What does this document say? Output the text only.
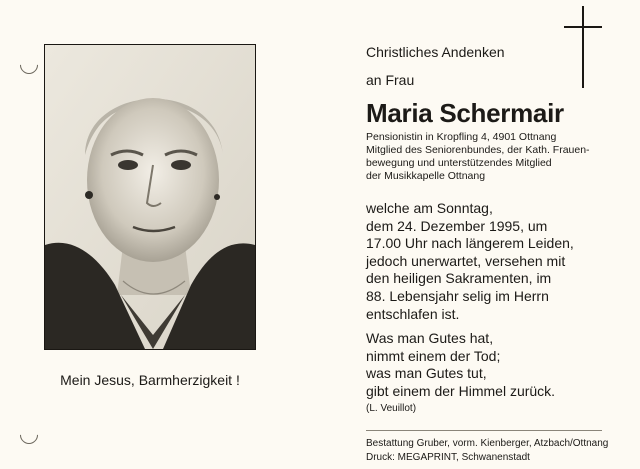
Mein Jesus, Barmherzigkeit !
Christliches Andenken
an Frau
Maria Schermair
Pensionistin in Kropfling 4, 4901 Ottnang
Mitglied des Seniorenbundes, der Kath. Frauen-
bewegung und unterstützendes Mitglied
der Musikkapelle Ottnang
welche am Sonntag,
dem 24. Dezember 1995, um
17.00 Uhr nach längerem Leiden,
jedoch unerwartet, versehen mit
den heiligen Sakramenten, im
88. Lebensjahr selig im Herrn
entschlafen ist.
Was man Gutes hat,
nimmt einem der Tod;
was man Gutes tut,
gibt einem der Himmel zurück.
(L. Veuillot)
Bestattung Gruber, vorm. Kienberger, Atzbach/Ottnang
Druck: MEGAPRINT, Schwanenstadt
